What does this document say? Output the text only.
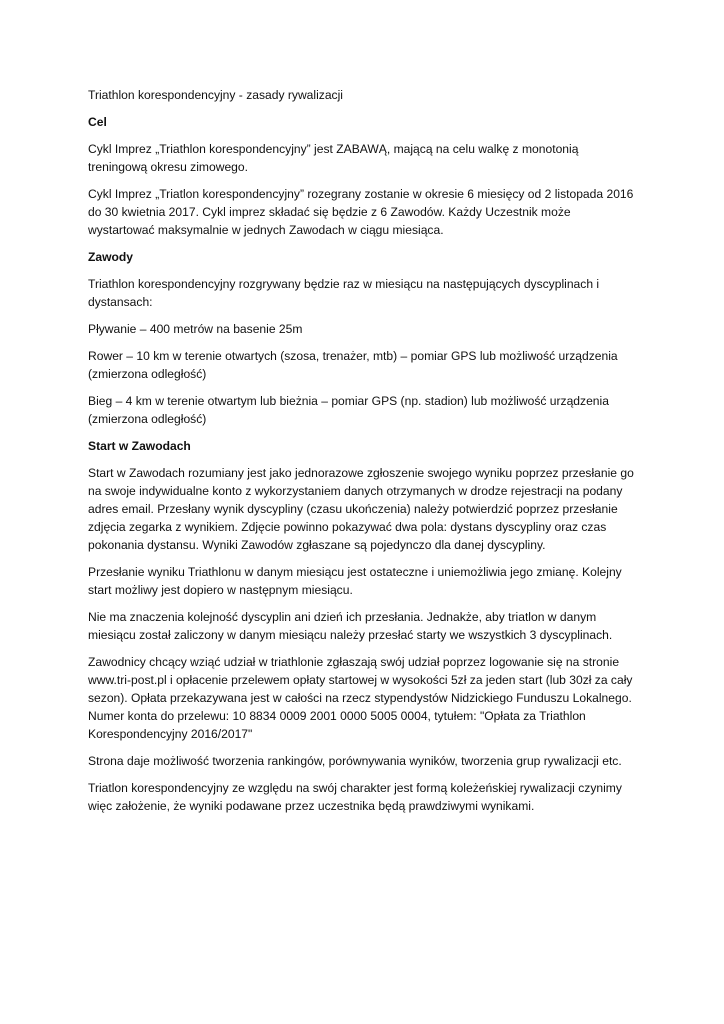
Triathlon korespondencyjny - zasady rywalizacji

Cel

Cykl Imprez „Triathlon korespondencyjny” jest ZABAWĄ, mającą na celu walkę z monotonią treningową okresu zimowego.

Cykl Imprez „Triatlon korespondencyjny” rozegrany zostanie w okresie 6 miesięcy od 2 listopada 2016 do 30 kwietnia 2017. Cykl imprez składać się będzie z 6 Zawodów. Każdy Uczestnik może wystartować maksymalnie w jednych Zawodach w ciągu miesiąca.

Zawody

Triathlon korespondencyjny rozgrywany będzie raz w miesiącu na następujących dyscyplinach i dystansach:

Pływanie – 400 metrów na basenie 25m

Rower – 10 km w terenie otwartych (szosa, trenażer, mtb) – pomiar GPS lub możliwość urządzenia (zmierzona odległość)

Bieg – 4 km w terenie otwartym lub bieżnia – pomiar GPS (np. stadion) lub możliwość urządzenia (zmierzona odległość)

Start w Zawodach

Start w Zawodach rozumiany jest jako jednorazowe zgłoszenie swojego wyniku poprzez przesłanie go na swoje indywidualne konto z wykorzystaniem danych otrzymanych w drodze rejestracji na podany adres email. Przesłany wynik dyscypliny (czasu ukończenia) należy potwierdzić poprzez przesłanie zdjęcia zegarka z wynikiem. Zdjęcie powinno pokazywać dwa pola: dystans dyscypliny oraz czas pokonania dystansu. Wyniki Zawodów zgłaszane są pojedynczo dla danej dyscypliny.

Przesłanie wyniku Triathlonu w danym miesiącu jest ostateczne i uniemożliwia jego zmianę. Kolejny start możliwy jest dopiero w następnym miesiącu.

Nie ma znaczenia kolejność dyscyplin ani dzień ich przesłania. Jednakże, aby triatlon w danym miesiącu został zaliczony w danym miesiącu należy przesłać starty we wszystkich 3 dyscyplinach.

Zawodnicy chcący wziąć udział w triathlonie zgłaszają swój udział poprzez logowanie się na stronie www.tri-post.pl i opłacenie przelewem opłaty startowej w wysokości 5zł za jeden start (lub 30zł za cały sezon). Opłata przekazywana jest w całości na rzecz stypendystów Nidzickiego Funduszu Lokalnego. Numer konta do przelewu: 10 8834 0009 2001 0000 5005 0004, tytułem: "Opłata za Triathlon Korespondencyjny 2016/2017"

Strona daje możliwość tworzenia rankingów, porównywania wyników, tworzenia grup rywalizacji etc.

Triatlon korespondencyjny ze względu na swój charakter jest formą koleżeńskiej rywalizacji czynimy więc założenie, że wyniki podawane przez uczestnika będą prawdziwymi wynikami.
